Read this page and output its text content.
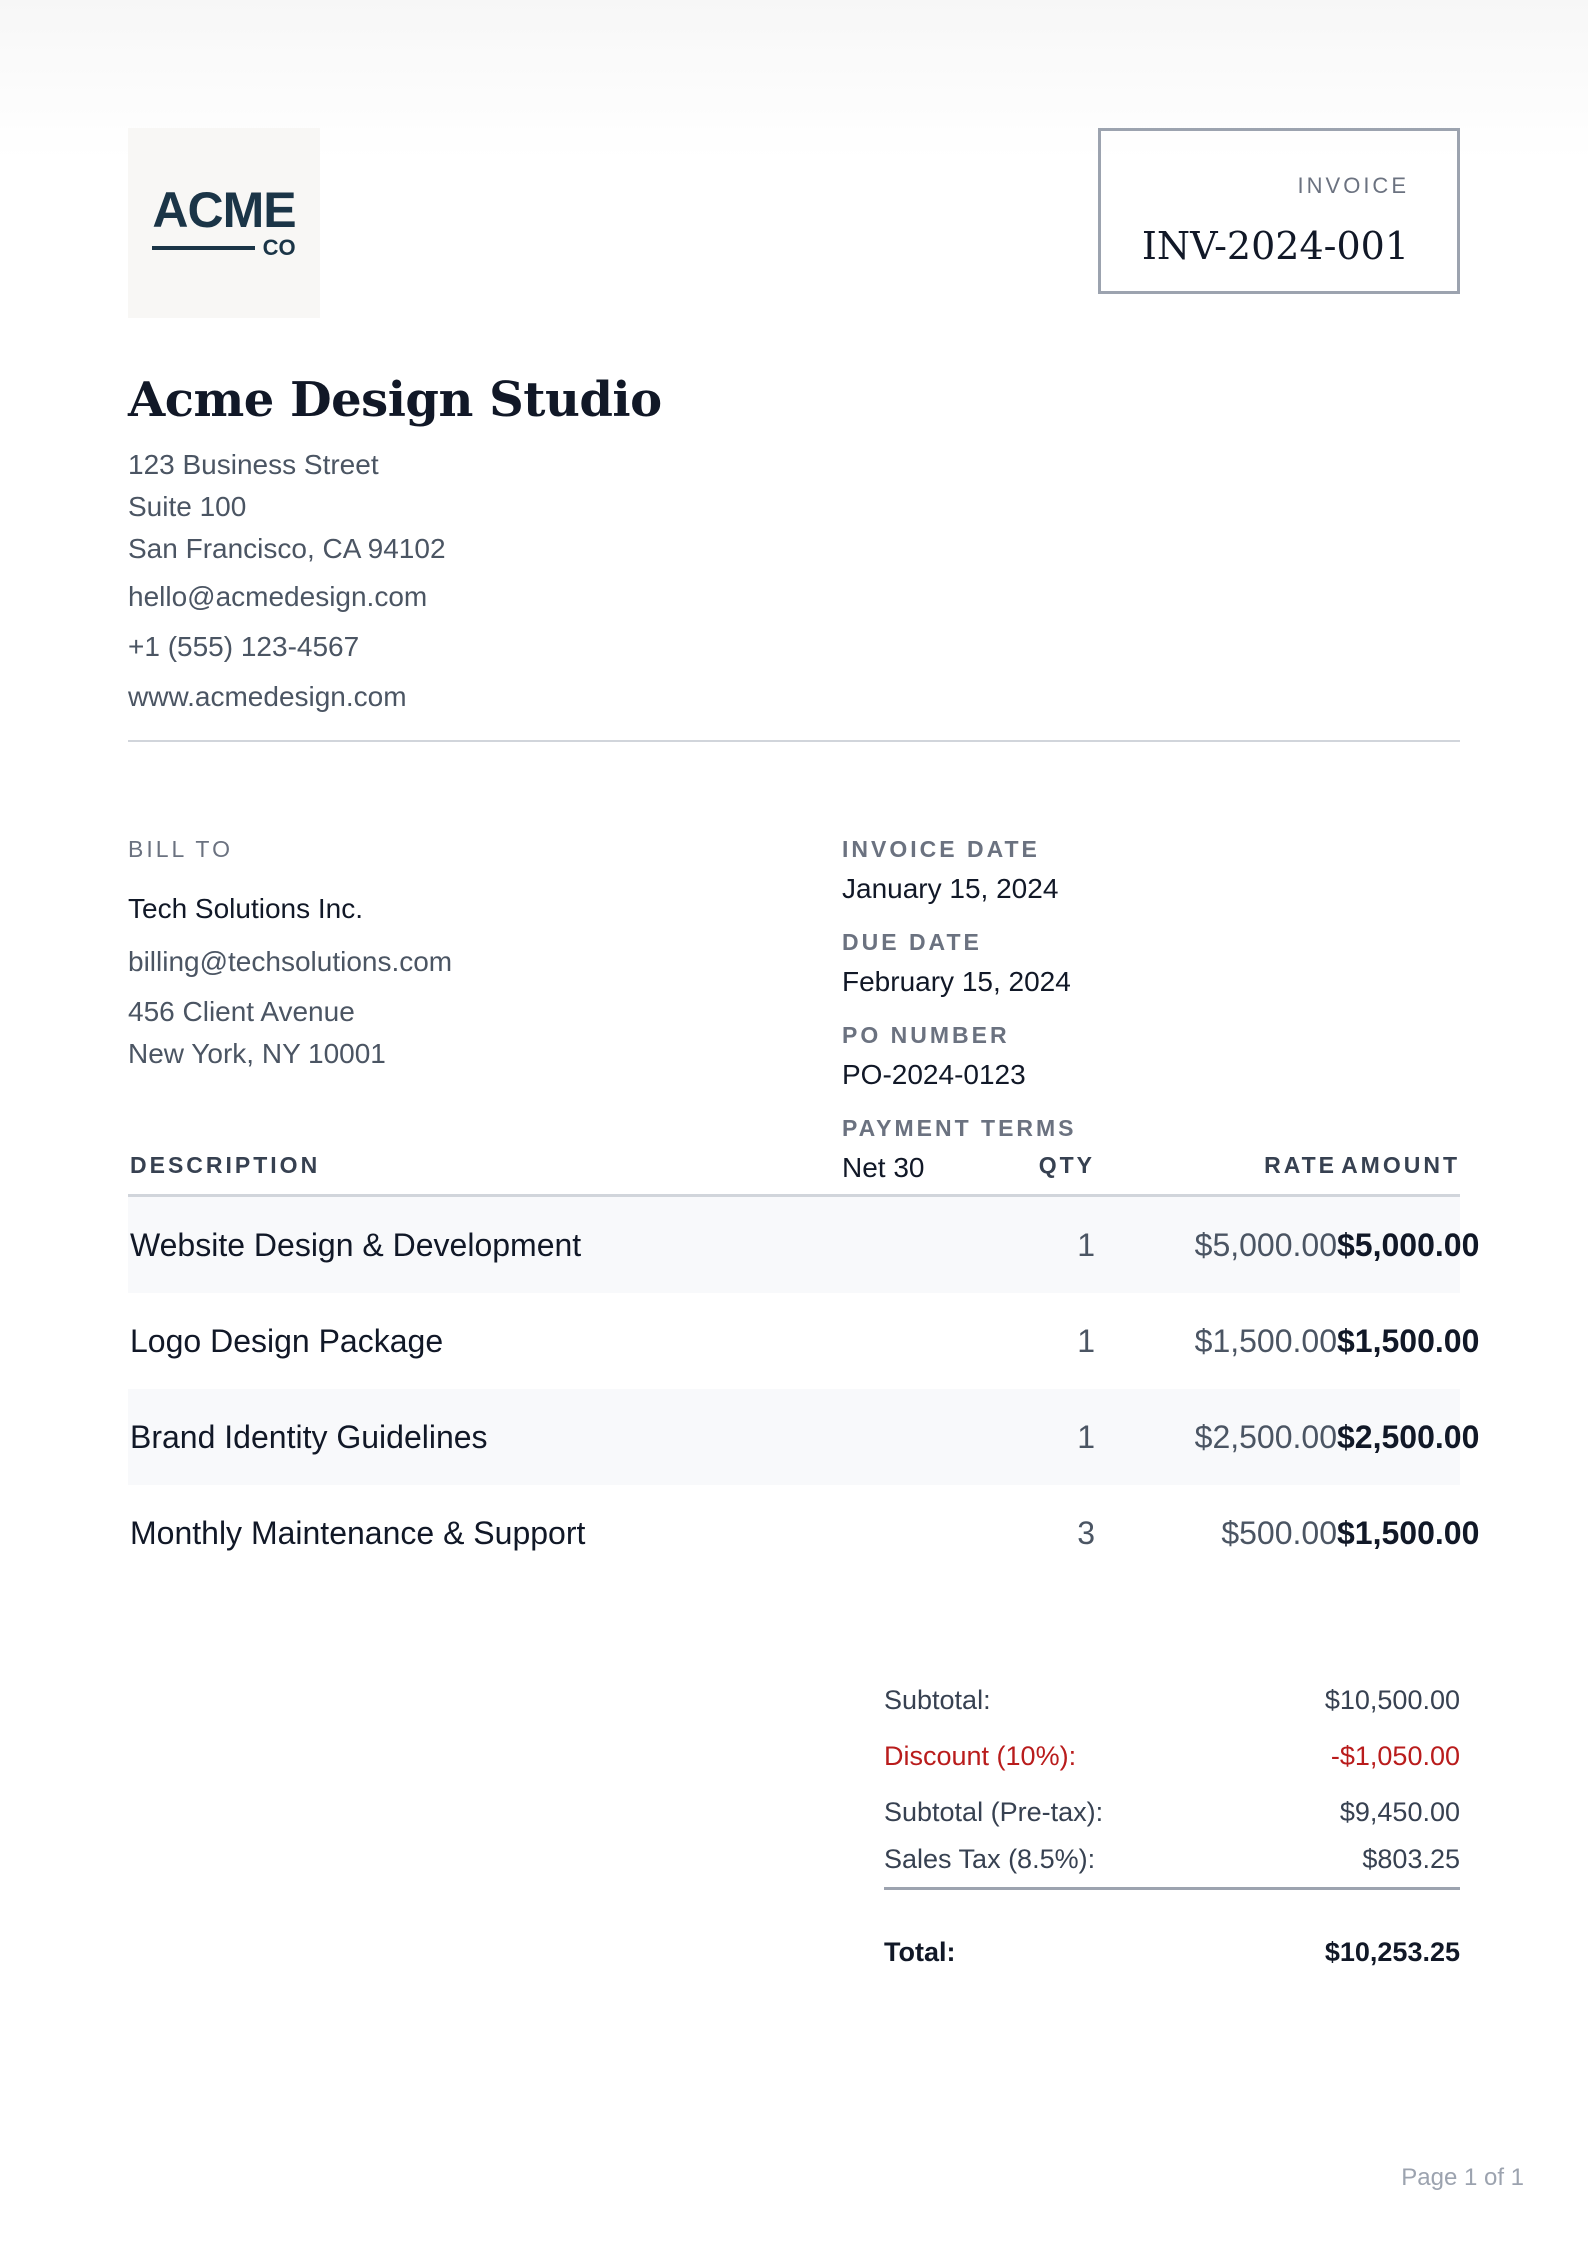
ACME
CO
INVOICE
INV-2024-001
Acme Design Studio
123 Business Street
Suite 100
San Francisco, CA 94102
hello@acmedesign.com
+1 (555) 123-4567
www.acmedesign.com
BILL TO
Tech Solutions Inc.
billing@techsolutions.com
456 Client Avenue
New York, NY 10001
INVOICE DATE
January 15, 2024
DUE DATE
February 15, 2024
PO NUMBER
PO-2024-0123
PAYMENT TERMS
Net 30
DESCRIPTION	QTY	RATE AMOUNT
Website Design & Development	1	$5,000.00 $5,000.00
Logo Design Package	1	$1,500.00 $1,500.00
Brand Identity Guidelines	1	$2,500.00 $2,500.00
Monthly Maintenance & Support	3	$500.00 $1,500.00
Subtotal:	$10,500.00
Discount (10%):	-$1,050.00
Subtotal (Pre-tax):	$9,450.00
Sales Tax (8.5%):	$803.25
Total:	$10,253.25
Page 1 of 1
